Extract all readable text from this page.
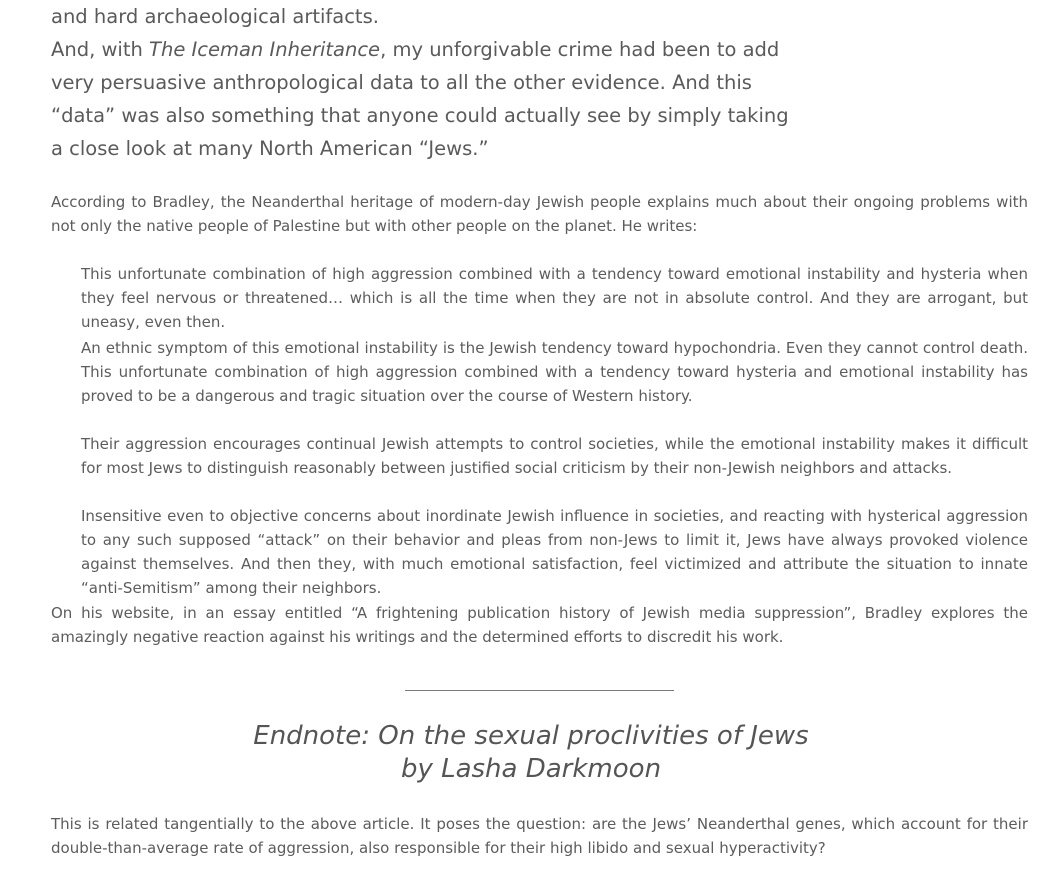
and hard archaeological artifacts.
And, with The Iceman Inheritance, my unforgivable crime had been to add
very persuasive anthropological data to all the other evidence. And this
“data” was also something that anyone could actually see by simply taking
a close look at many North American “Jews.”

According to Bradley, the Neanderthal heritage of modern-day Jewish people explains much about their ongoing problems with not only the native people of Palestine but with other people on the planet. He writes:

This unfortunate combination of high aggression combined with a tendency toward emotional instability and hysteria when they feel nervous or threatened… which is all the time when they are not in absolute control. And they are arrogant, but uneasy, even then.

An ethnic symptom of this emotional instability is the Jewish tendency toward hypochondria. Even they cannot control death. This unfortunate combination of high aggression combined with a tendency toward hysteria and emotional instability has proved to be a dangerous and tragic situation over the course of Western history.

Their aggression encourages continual Jewish attempts to control societies, while the emotional instability makes it difficult for most Jews to distinguish reasonably between justified social criticism by their non-Jewish neighbors and attacks.

Insensitive even to objective concerns about inordinate Jewish influence in societies, and reacting with hysterical aggression to any such supposed “attack” on their behavior and pleas from non-Jews to limit it, Jews have always provoked violence against themselves. And then they, with much emotional satisfaction, feel victimized and attribute the situation to innate “anti-Semitism” among their neighbors.

On his website, in an essay entitled “A frightening publication history of Jewish media suppression”, Bradley explores the amazingly negative reaction against his writings and the determined efforts to discredit his work.

This is related tangentially to the above article. It poses the question: are the Jews’ Neanderthal genes, which account for their double-than-average rate of aggression, also responsible for their high libido and sexual hyperactivity?

Endnote: On the sexual proclivities of Jews
by Lasha Darkmoon
